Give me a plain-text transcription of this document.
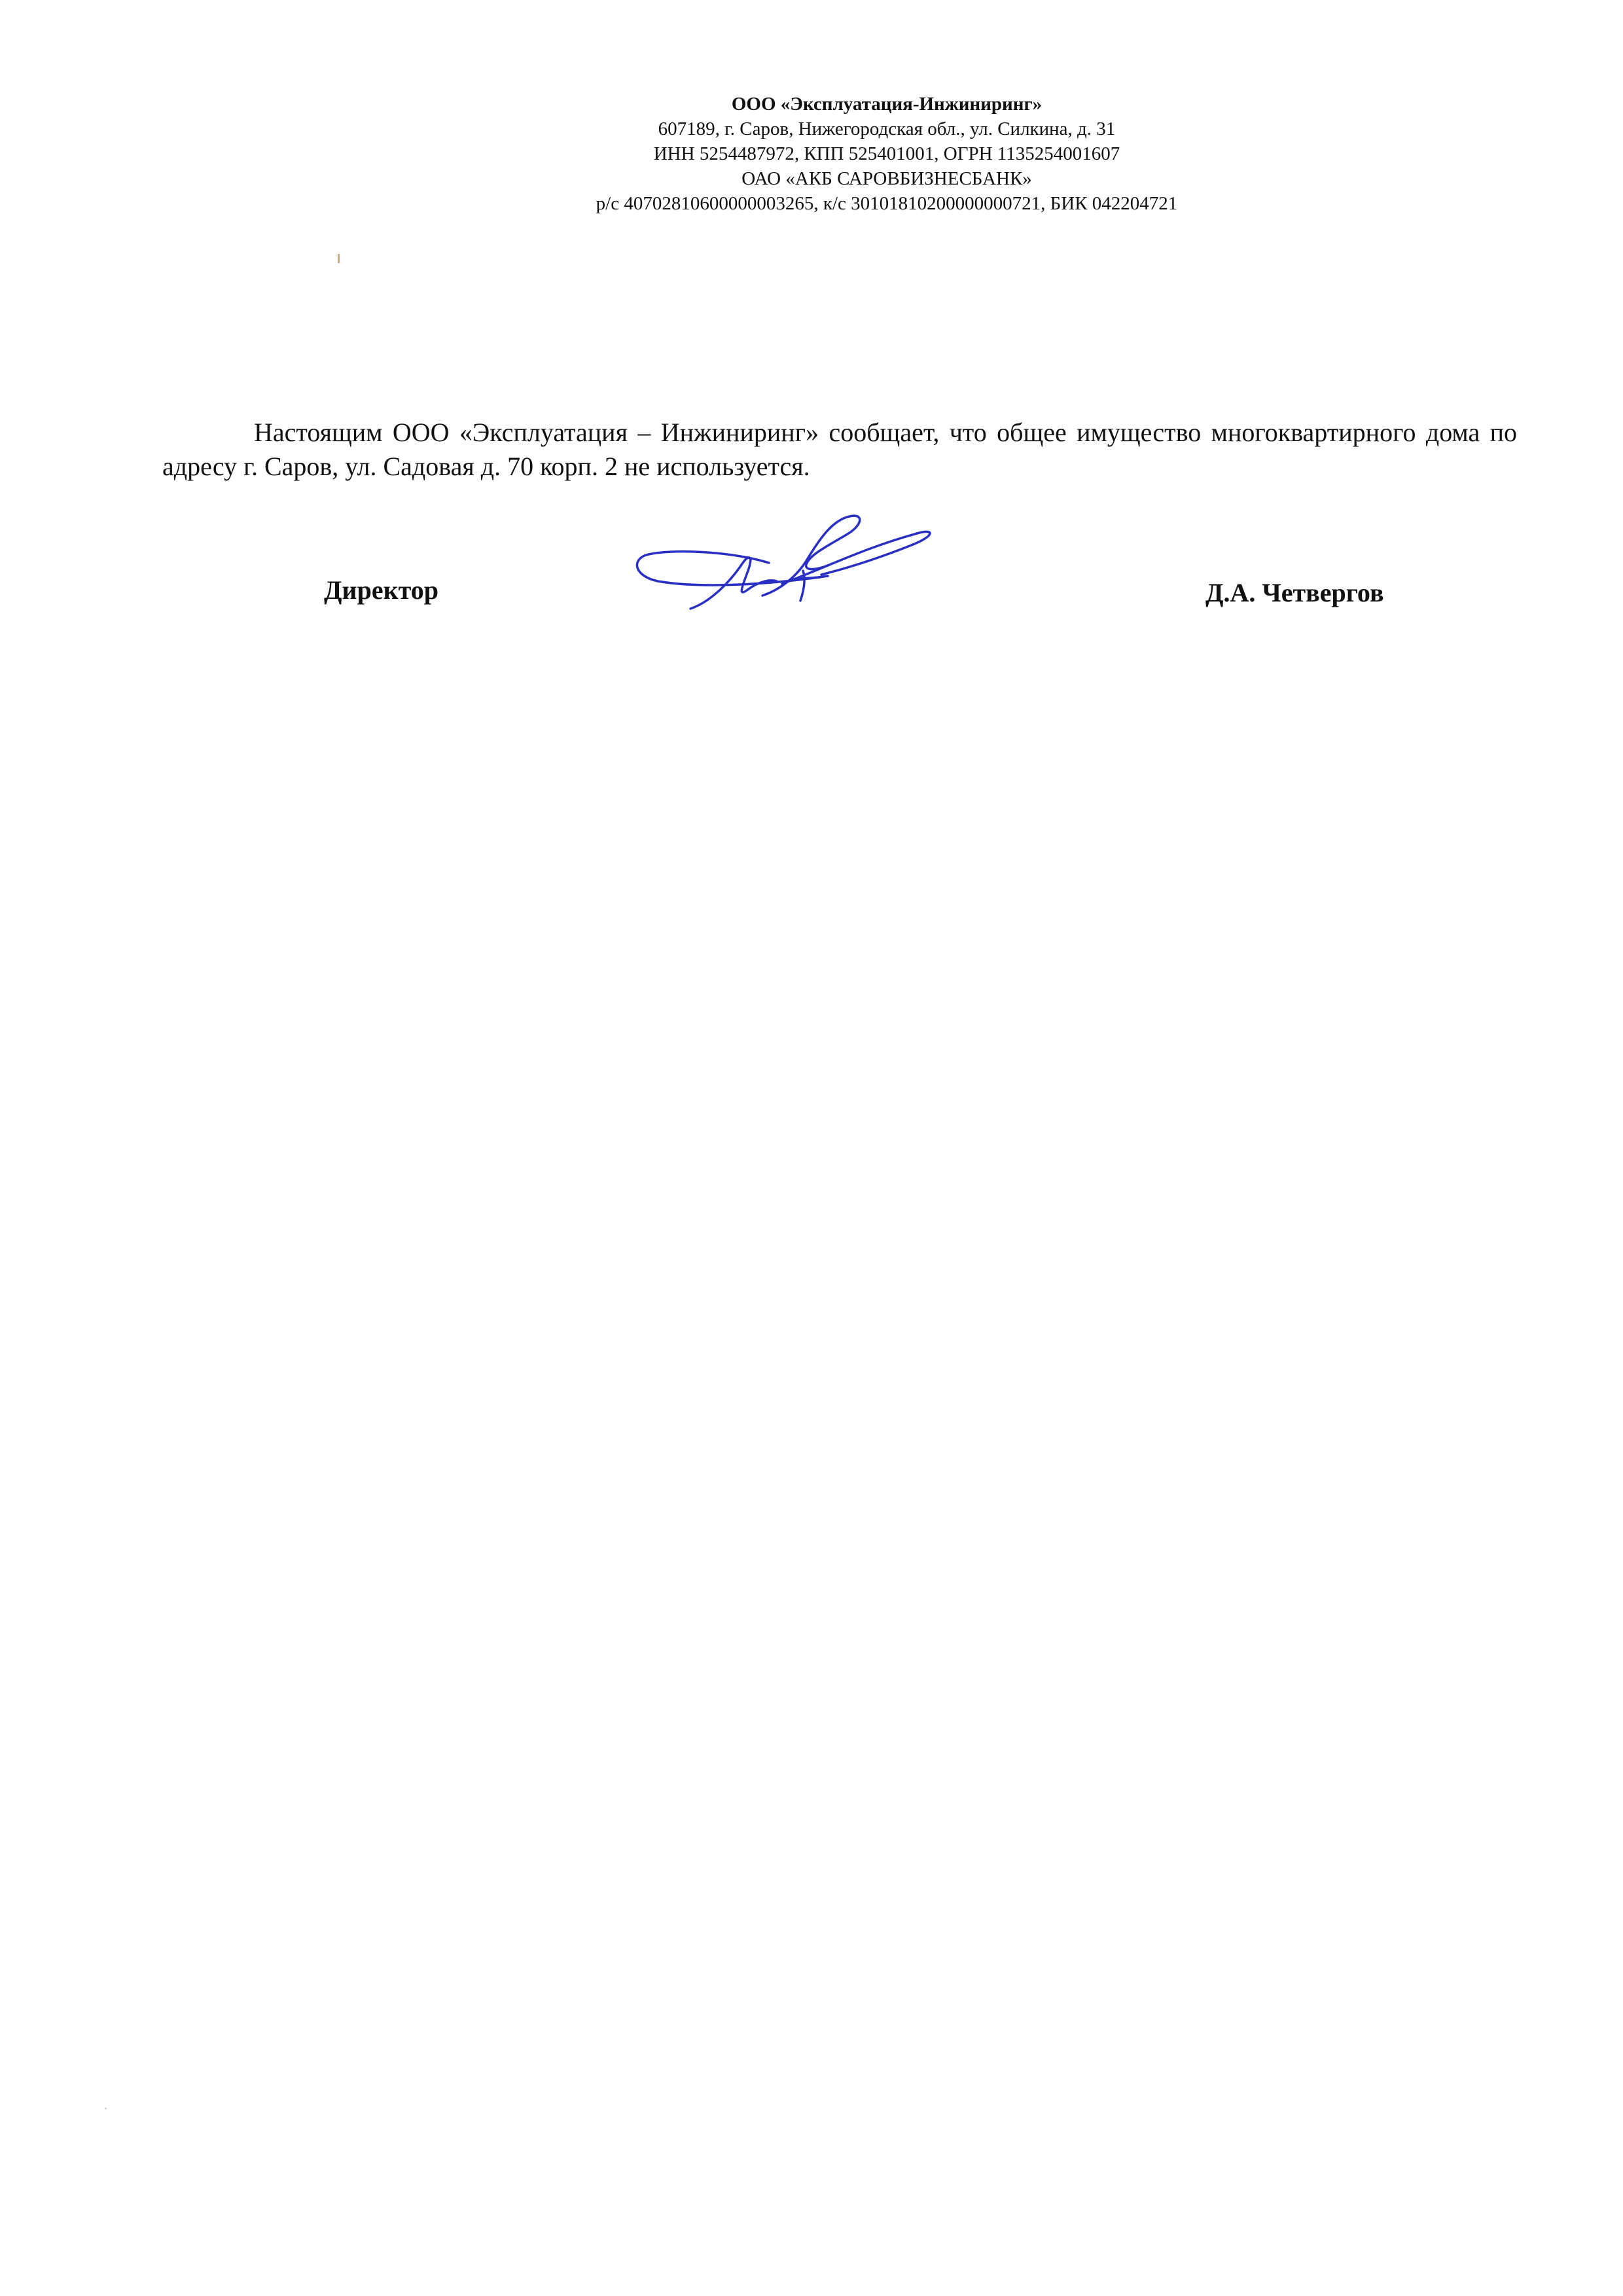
ООО «Эксплуатация-Инжиниринг»
607189, г. Саров, Нижегородская обл., ул. Силкина, д. 31
ИНН 5254487972, КПП 525401001, ОГРН 1135254001607
ОАО «АКБ САРОВБИЗНЕСБАНК»
р/с 40702810600000003265, к/с 30101810200000000721, БИК 042204721

Настоящим ООО «Эксплуатация – Инжиниринг» сообщает, что общее имущество многоквартирного дома по адресу г. Саров, ул. Садовая д. 70 корп. 2 не используется.

Директор	Д.А. Четвергов
